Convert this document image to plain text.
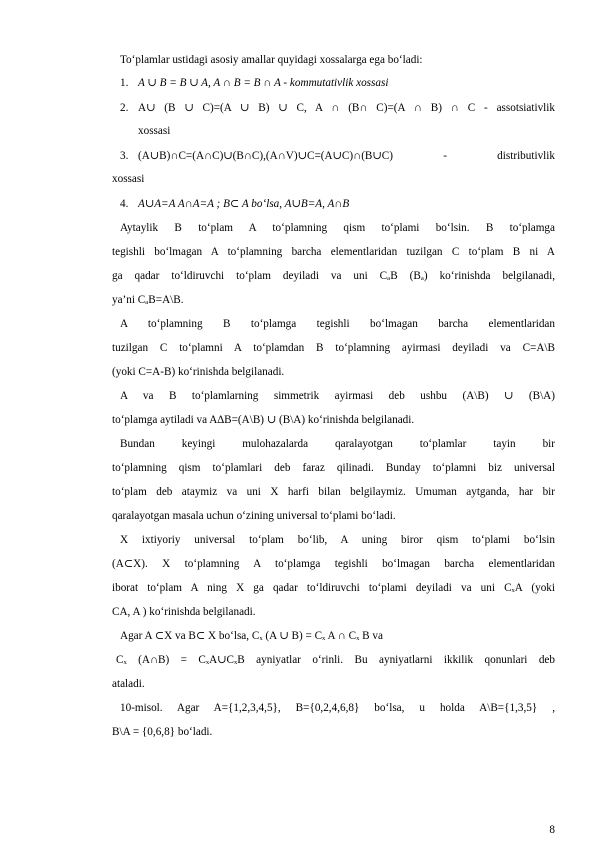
To‘plamlar ustidagi asosiy amallar quyidagi xossalarga ega bo‘ladi:
1. A ∪ B = B ∪ A, A ∩ B = B ∩ A - kommutativlik xossasi
2. A∪ (B ∪ C)=(A ∪ B) ∪ C, A ∩ (B∩ C)=(A ∩ B) ∩ C - assotsiativlik
xossasi
3. (A∪B)∩C=(A∩C)∪(B∩C),(A∩V)∪C=(A∪C)∩(B∪C) - distributivlik
xossasi
4. A∪A=A A∩A=A ; B⊂ A bo‘lsa, A∪B=A, A∩B
Aytaylik B to‘plam A to‘plamning qism to‘plami bo‘lsin. B to‘plamga
tegishli bo‘lmagan A to‘plamning barcha elementlaridan tuzilgan C to‘plam B ni A
ga qadar to‘ldiruvchi to‘plam deyiladi va uni CₐB (Bₐ) ko‘rinishda belgilanadi,
ya’ni CₐB=A\B.
A to‘plamning B to‘plamga tegishli bo‘lmagan barcha elementlaridan
tuzilgan C to‘plamni A to‘plamdan B to‘plamning ayirmasi deyiladi va C=A\B
(yoki C=A-B) ko‘rinishda belgilanadi.
A va B to‘plamlarning simmetrik ayirmasi deb ushbu (A\B) ∪ (B\A)
to‘plamga aytiladi va A∆B=(A\B) ∪ (B\A) ko‘rinishda belgilanadi.
Bundan keyingi mulohazalarda qaralayotgan to‘plamlar tayin bir
to‘plamning qism to‘plamlari deb faraz qilinadi. Bunday to‘plamni biz universal
to‘plam deb ataymiz va uni X harfi bilan belgilaymiz. Umuman aytganda, har bir
qaralayotgan masala uchun o‘zining universal to‘plami bo‘ladi.
X ixtiyoriy universal to‘plam bo‘lib, A uning biror qism to‘plami bo‘lsin
(A⊂X). X to‘plamning A to‘plamga tegishli bo‘lmagan barcha elementlaridan
iborat to‘plam A ning X ga qadar to‘ldiruvchi to‘plami deyiladi va uni CₓA (yoki
CA, A ) ko‘rinishda belgilanadi.
Agar A ⊂X va B⊂ X bo‘lsa, Cₓ (A ∪ B) = Cₓ A ∩ Cₓ B va
Cₓ (A∩B) = CₓA∪CₓB ayniyatlar o‘rinli. Bu ayniyatlarni ikkilik qonunlari deb
ataladi.
10-misol. Agar A={1,2,3,4,5}, B={0,2,4,6,8} bo‘lsa, u holda A\B={1,3,5} ,
B\A = {0,6,8} bo‘ladi.
8
